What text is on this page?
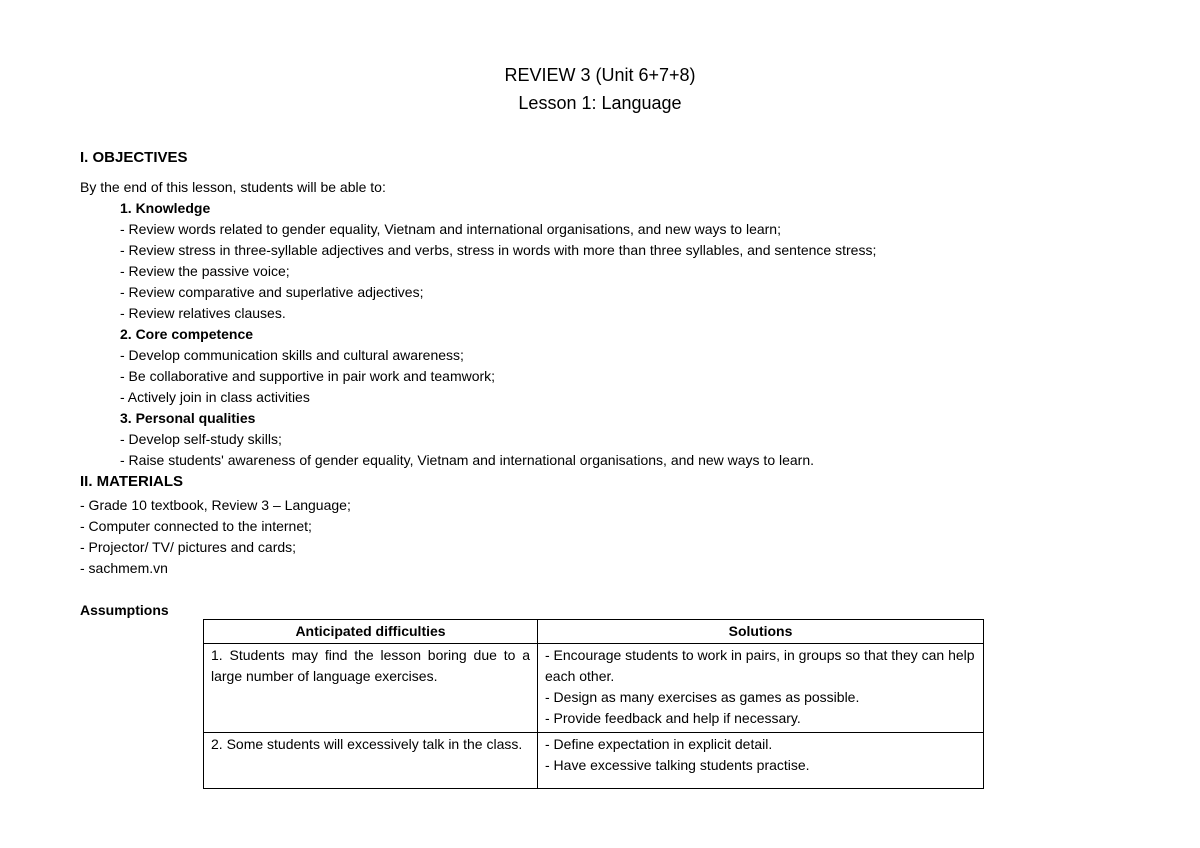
REVIEW 3 (Unit 6+7+8)
Lesson 1: Language
I. OBJECTIVES
By the end of this lesson, students will be able to:
1. Knowledge
- Review words related to gender equality, Vietnam and international organisations, and new ways to learn;
- Review stress in three-syllable adjectives and verbs, stress in words with more than three syllables, and sentence stress;
- Review the passive voice;
- Review comparative and superlative adjectives;
- Review relatives clauses.
2. Core competence
- Develop communication skills and cultural awareness;
- Be collaborative and supportive in pair work and teamwork;
- Actively join in class activities
3. Personal qualities
- Develop self-study skills;
- Raise students' awareness of gender equality, Vietnam and international organisations, and new ways to learn.
II. MATERIALS
- Grade 10 textbook, Review 3 – Language;
- Computer connected to the internet;
- Projector/ TV/ pictures and cards;
- sachmem.vn
Assumptions
Anticipated difficulties	Solutions
1. Students may find the lesson boring due to a large number of language exercises.	- Encourage students to work in pairs, in groups so that they can help each other.
- Design as many exercises as games as possible.
- Provide feedback and help if necessary.

2. Some students will excessively talk in the class.	- Define expectation in explicit detail.
- Have excessive talking students practise.
